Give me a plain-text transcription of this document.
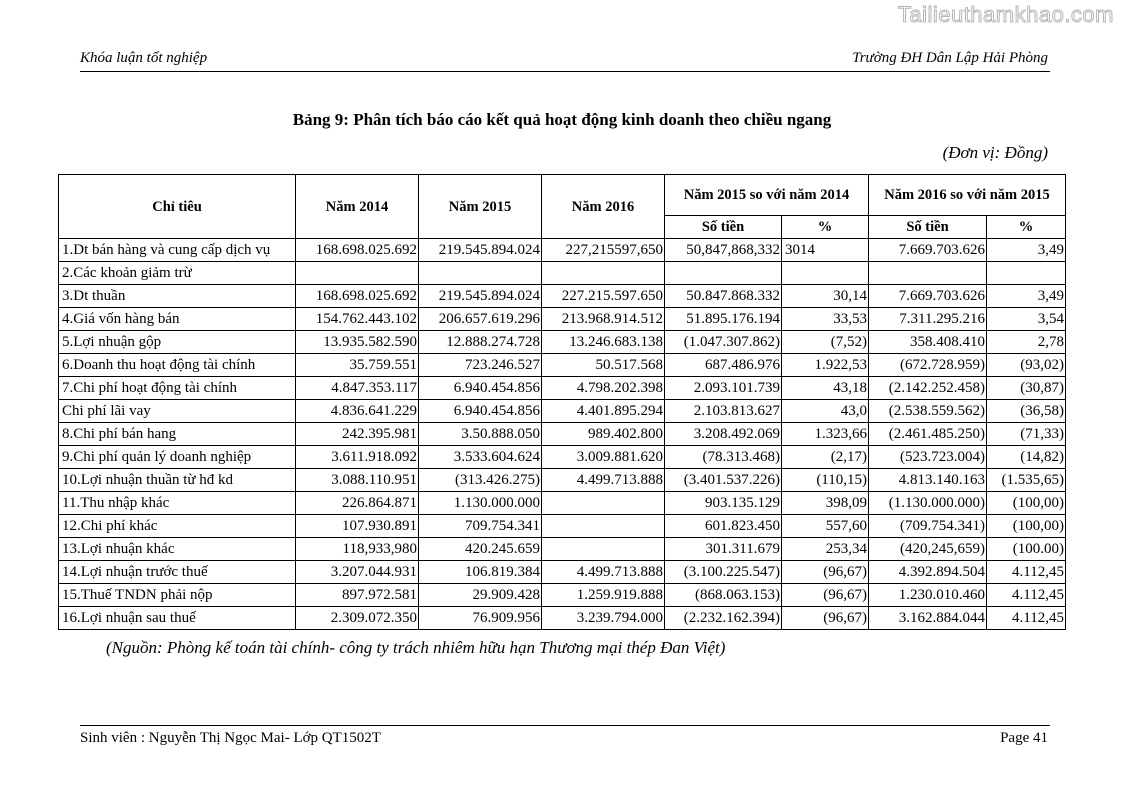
Tailieuthamkhao.com
Khóa luận tốt nghiệp	Trường ĐH Dân Lập Hải Phòng
Bảng 9: Phân tích báo cáo kết quả hoạt động kinh doanh theo chiều ngang
(Đơn vị: Đồng)
Chỉ tiêu	Năm 2014	Năm 2015	Năm 2016	Năm 2015 so với năm 2014		Năm 2016 so với năm 2015	
				Số tiền	%	Số tiền	%
1.Dt bán hàng và cung cấp dịch vụ	168.698.025.692	219.545.894.024	227,215597,650	50,847,868,332	3014	7.669.703.626	3,49
2.Các khoản giảm trừ							
3.Dt thuần	168.698.025.692	219.545.894.024	227.215.597.650	50.847.868.332	30,14	7.669.703.626	3,49
4.Giá vốn hàng bán	154.762.443.102	206.657.619.296	213.968.914.512	51.895.176.194	33,53	7.311.295.216	3,54
5.Lợi nhuận gộp	13.935.582.590	12.888.274.728	13.246.683.138	(1.047.307.862)	(7,52)	358.408.410	2,78
6.Doanh thu hoạt động tài chính	35.759.551	723.246.527	50.517.568	687.486.976	1.922,53	(672.728.959)	(93,02)
7.Chi phí hoạt động tài chính	4.847.353.117	6.940.454.856	4.798.202.398	2.093.101.739	43,18	(2.142.252.458)	(30,87)
Chi phí lãi vay	4.836.641.229	6.940.454.856	4.401.895.294	2.103.813.627	43,0	(2.538.559.562)	(36,58)
8.Chi phí bán hang	242.395.981	3.50.888.050	989.402.800	3.208.492.069	1.323,66	(2.461.485.250)	(71,33)
9.Chi phí quản lý doanh nghiệp	3.611.918.092	3.533.604.624	3.009.881.620	(78.313.468)	(2,17)	(523.723.004)	(14,82)
10.Lợi nhuận thuần từ hđ kd	3.088.110.951	(313.426.275)	4.499.713.888	(3.401.537.226)	(110,15)	4.813.140.163	(1.535,65)
11.Thu nhập khác	226.864.871	1.130.000.000		903.135.129	398,09	(1.130.000.000)	(100,00)
12.Chi phí khác	107.930.891	709.754.341		601.823.450	557,60	(709.754.341)	(100,00)
13.Lợi nhuận khác	118,933,980	420.245.659		301.311.679	253,34	(420,245,659)	(100.00)
14.Lợi nhuận trước thuế	3.207.044.931	106.819.384	4.499.713.888	(3.100.225.547)	(96,67)	4.392.894.504	4.112,45
15.Thuế TNDN phải nộp	897.972.581	29.909.428	1.259.919.888	(868.063.153)	(96,67)	1.230.010.460	4.112,45
16.Lợi nhuận sau thuế	2.309.072.350	76.909.956	3.239.794.000	(2.232.162.394)	(96,67)	3.162.884.044	4.112,45
(Nguồn: Phòng kế toán tài chính- công ty trách nhiêm hữu hạn Thương mại thép Đan Việt)
Sinh viên : Nguyễn Thị Ngọc Mai- Lớp QT1502T	Page 41
